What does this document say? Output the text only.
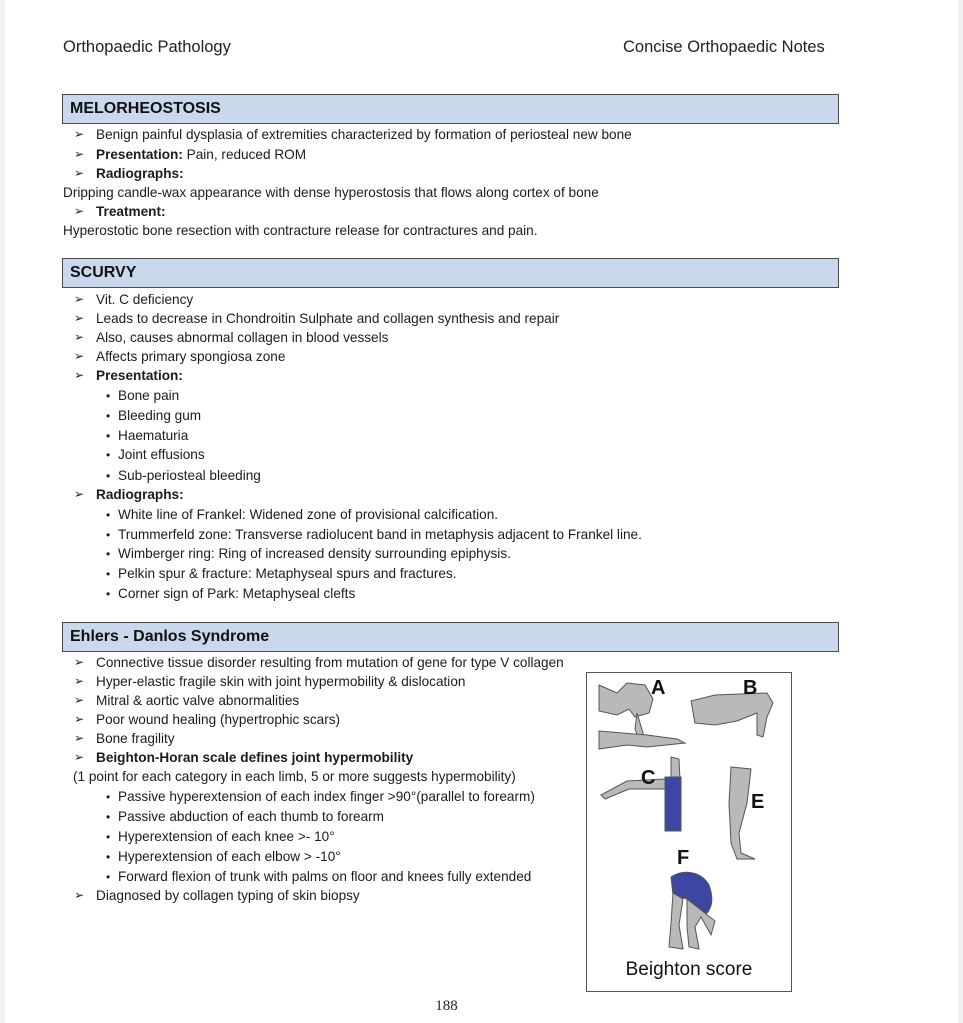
Orthopaedic Pathology	Concise Orthopaedic Notes
MELORHEOSTOSIS
➢ Benign painful dysplasia of extremities characterized by formation of periosteal new bone
➢ Presentation: Pain, reduced ROM
➢ Radiographs:
Dripping candle-wax appearance with dense hyperostosis that flows along cortex of bone
➢ Treatment:
Hyperostotic bone resection with contracture release for contractures and pain.
SCURVY
➢ Vit. C deficiency
➢ Leads to decrease in Chondroitin Sulphate and collagen synthesis and repair
➢ Also, causes abnormal collagen in blood vessels
➢ Affects primary spongiosa zone
➢ Presentation:
• Bone pain
• Bleeding gum
• Haematuria
• Joint effusions
• Sub-periosteal bleeding
➢ Radiographs:
• White line of Frankel: Widened zone of provisional calcification.
• Trummerfeld zone: Transverse radiolucent band in metaphysis adjacent to Frankel line.
• Wimberger ring: Ring of increased density surrounding epiphysis.
• Pelkin spur & fracture: Metaphyseal spurs and fractures.
• Corner sign of Park: Metaphyseal clefts
Ehlers - Danlos Syndrome
➢ Connective tissue disorder resulting from mutation of gene for type V collagen
➢ Hyper-elastic fragile skin with joint hypermobility & dislocation
➢ Mitral & aortic valve abnormalities
➢ Poor wound healing (hypertrophic scars)
➢ Bone fragility
➢ Beighton-Horan scale defines joint hypermobility
(1 point for each category in each limb, 5 or more suggests hypermobility)
• Passive hyperextension of each index finger >90°(parallel to forearm)
• Passive abduction of each thumb to forearm
• Hyperextension of each knee >- 10°
• Hyperextension of each elbow > -10°
• Forward flexion of trunk with palms on floor and knees fully extended
➢ Diagnosed by collagen typing of skin biopsy
A	B
C
E
F
Beighton score
188
